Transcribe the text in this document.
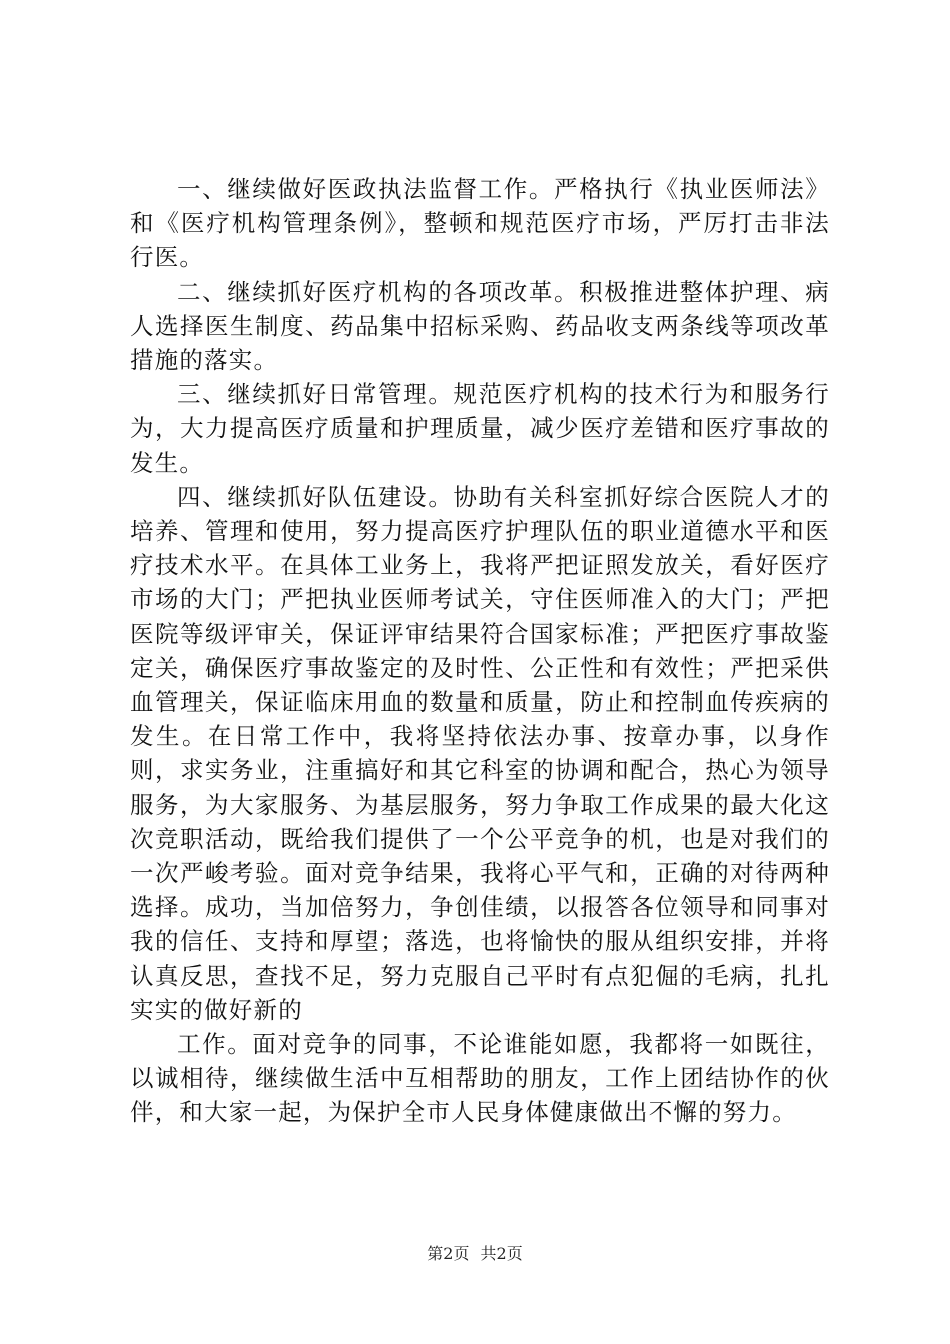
一、继续做好医政执法监督工作。严格执行《执业医师法》和《医疗机构管理条例》，整顿和规范医疗市场，严厉打击非法行医。

二、继续抓好医疗机构的各项改革。积极推进整体护理、病人选择医生制度、药品集中招标采购、药品收支两条线等项改革措施的落实。

三、继续抓好日常管理。规范医疗机构的技术行为和服务行为，大力提高医疗质量和护理质量，减少医疗差错和医疗事故的发生。

四、继续抓好队伍建设。协助有关科室抓好综合医院人才的培养、管理和使用，努力提高医疗护理队伍的职业道德水平和医疗技术水平。在具体工业务上，我将严把证照发放关，看好医疗市场的大门；严把执业医师考试关，守住医师准入的大门；严把医院等级评审关，保证评审结果符合国家标准；严把医疗事故鉴定关，确保医疗事故鉴定的及时性、公正性和有效性；严把采供血管理关，保证临床用血的数量和质量，防止和控制血传疾病的发生。在日常工作中，我将坚持依法办事、按章办事，以身作则，求实务业，注重搞好和其它科室的协调和配合，热心为领导服务，为大家服务、为基层服务，努力争取工作成果的最大化这次竞职活动，既给我们提供了一个公平竞争的机，也是对我们的一次严峻考验。面对竞争结果，我将心平气和，正确的对待两种选择。成功，当加倍努力，争创佳绩，以报答各位领导和同事对我的信任、支持和厚望；落选，也将愉快的服从组织安排，并将认真反思，查找不足，努力克服自己平时有点犯倔的毛病，扎扎实实的做好新的

工作。面对竞争的同事，不论谁能如愿，我都将一如既往，以诚相待，继续做生活中互相帮助的朋友，工作上团结协作的伙伴，和大家一起，为保护全市人民身体健康做出不懈的努力。

第2页 共2页
